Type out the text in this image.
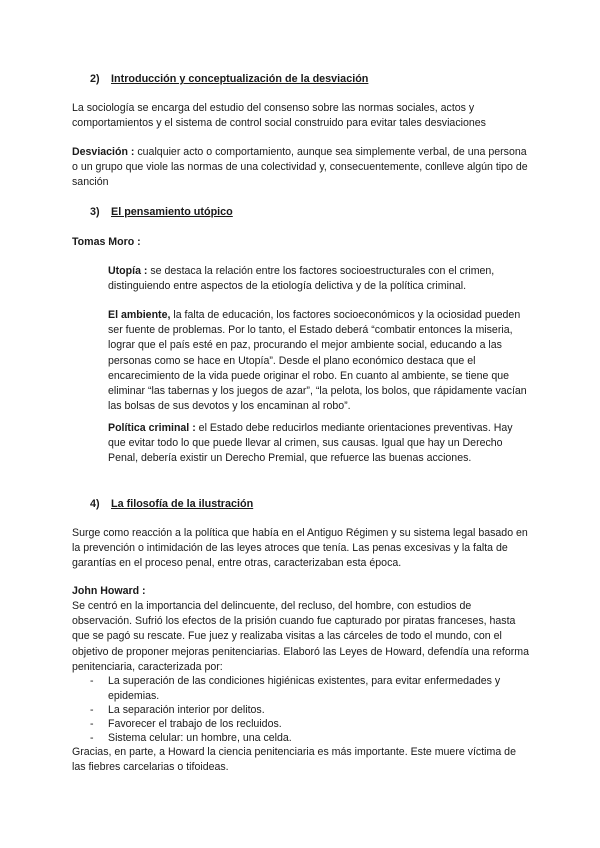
2) Introducción y conceptualización de la desviación

La sociología se encarga del estudio del consenso sobre las normas sociales, actos y comportamientos y el sistema de control social construido para evitar tales desviaciones

Desviación : cualquier acto o comportamiento, aunque sea simplemente verbal, de una persona o un grupo que viole las normas de una colectividad y, consecuentemente, conlleve algún tipo de sanción

3) El pensamiento utópico

Tomas Moro :

Utopía : se destaca la relación entre los factores socioestructurales con el crimen, distinguiendo entre aspectos de la etiología delictiva y de la política criminal.

El ambiente, la falta de educación, los factores socioeconómicos y la ociosidad pueden ser fuente de problemas. Por lo tanto, el Estado deberá “combatir entonces la miseria, lograr que el país esté en paz, procurando el mejor ambiente social, educando a las personas como se hace en Utopía”. Desde el plano económico destaca que el encarecimiento de la vida puede originar el robo. En cuanto al ambiente, se tiene que eliminar “las tabernas y los juegos de azar”, “la pelota, los bolos, que rápidamente vacían las bolsas de sus devotos y los encaminan al robo”.

Política criminal : el Estado debe reducirlos mediante orientaciones preventivas. Hay que evitar todo lo que puede llevar al crimen, sus causas. Igual que hay un Derecho Penal, debería existir un Derecho Premial, que refuerce las buenas acciones.

4) La filosofía de la ilustración

Surge como reacción a la política que había en el Antiguo Régimen y su sistema legal basado en la prevención o intimidación de las leyes atroces que tenía. Las penas excesivas y la falta de garantías en el proceso penal, entre otras, caracterizaban esta época.

John Howard :

Se centró en la importancia del delincuente, del recluso, del hombre, con estudios de observación. Sufrió los efectos de la prisión cuando fue capturado por piratas franceses, hasta que se pagó su rescate. Fue juez y realizaba visitas a las cárceles de todo el mundo, con el objetivo de proponer mejoras penitenciarias. Elaboró las Leyes de Howard, defendía una reforma penitenciaria, caracterizada por:

-	La superación de las condiciones higiénicas existentes, para evitar enfermedades y epidemias.
-	La separación interior por delitos.
-	Favorecer el trabajo de los recluidos.
-	Sistema celular: un hombre, una celda.

Gracias, en parte, a Howard la ciencia penitenciaria es más importante. Este muere víctima de las fiebres carcelarias o tifoideas.
